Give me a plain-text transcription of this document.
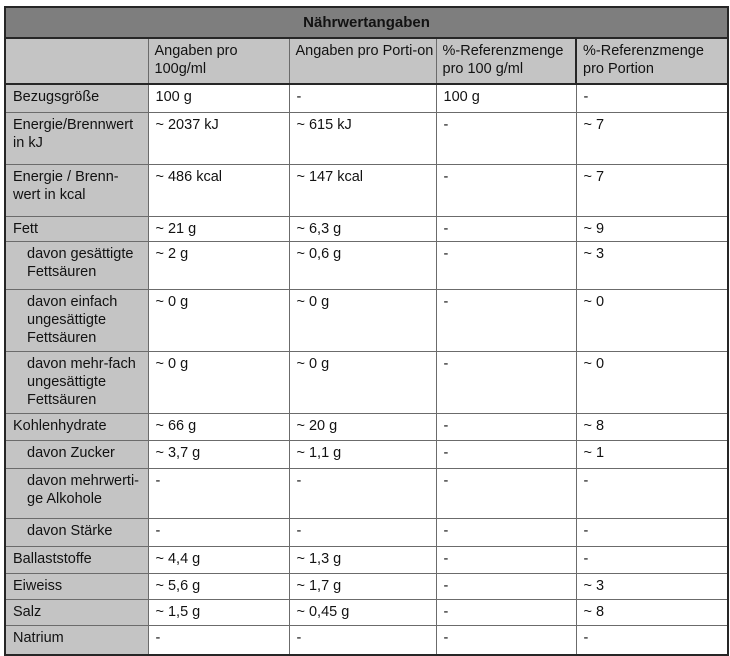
Nährwertangaben				
	Angaben pro 100g/ml	Angaben pro Porti-on	%-Referenzmenge pro 100 g/ml	%-Referenzmenge pro Portion
Bezugsgröße	100 g	-	100 g	-
Energie/Brennwert in kJ	~ 2037 kJ	~ 615 kJ	-	~ 7
Energie / Brenn-wert in kcal	~ 486 kcal	~ 147 kcal	-	~ 7
Fett	~ 21 g	~ 6,3 g	-	~ 9
davon gesättigte Fettsäuren	~ 2 g	~ 0,6 g	-	~ 3
davon einfach ungesättigte Fettsäuren	~ 0 g	~ 0 g	-	~ 0
davon mehr-fach ungesättigte Fettsäuren	~ 0 g	~ 0 g	-	~ 0
Kohlenhydrate	~ 66 g	~ 20 g	-	~ 8
davon Zucker	~ 3,7 g	~ 1,1 g	-	~ 1
davon mehrwerti-ge Alkohole	-	-	-	-
davon Stärke	-	-	-	-
Ballaststoffe	~ 4,4 g	~ 1,3 g	-	-
Eiweiss	~ 5,6 g	~ 1,7 g	-	~ 3
Salz	~ 1,5 g	~ 0,45 g	-	~ 8
Natrium	-	-	-	-
